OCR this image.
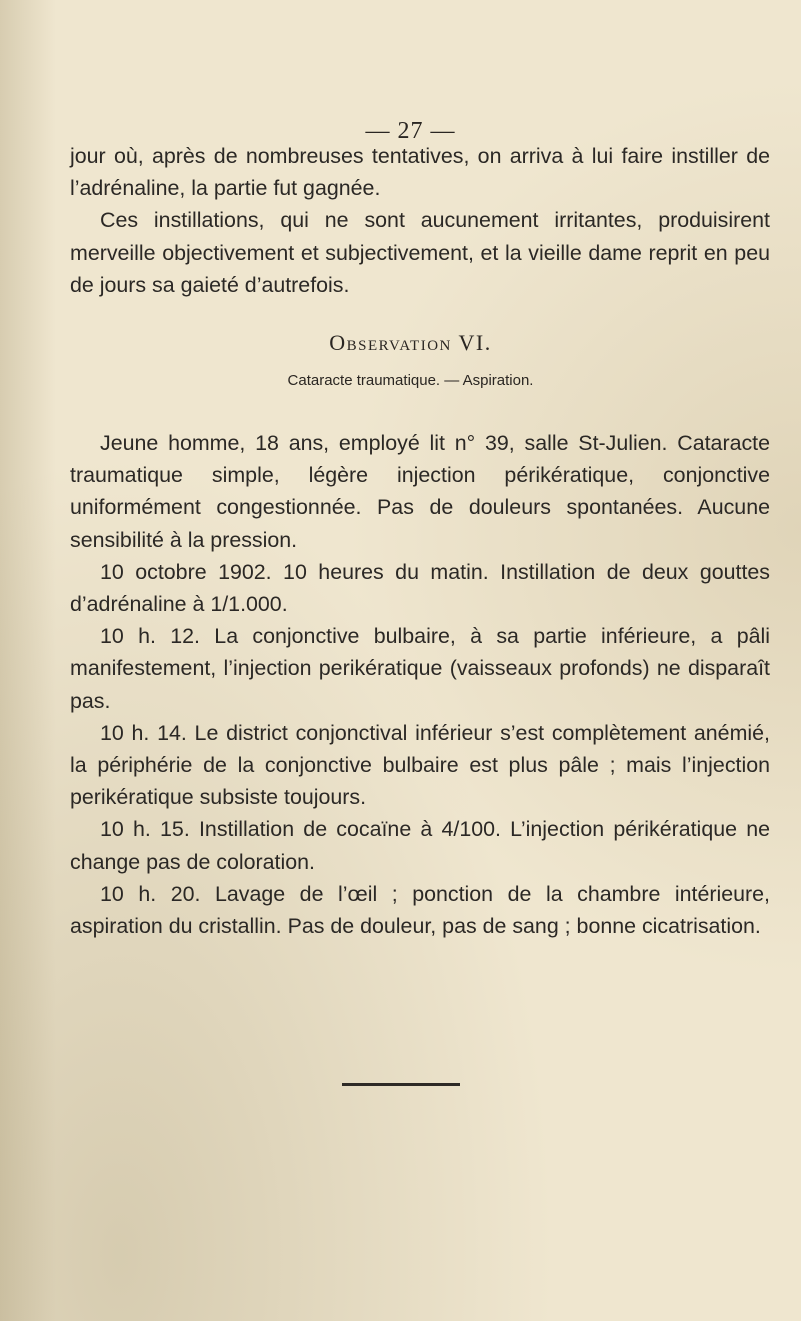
— 27 —

jour où, après de nombreuses tentatives, on arriva à lui faire instiller de l’adrénaline, la partie fut gagnée.

Ces instillations, qui ne sont aucunement irritantes, produisirent merveille objectivement et subjectivement, et la vieille dame reprit en peu de jours sa gaieté d’autrefois.

Observation VI.
Cataracte traumatique. — Aspiration.

Jeune homme, 18 ans, employé lit n° 39, salle St-Julien. Cataracte traumatique simple, légère injection périkératique, conjonctive uniformément congestionnée. Pas de douleurs spontanées. Aucune sensibilité à la pression.

10 octobre 1902. 10 heures du matin. Instillation de deux gouttes d’adrénaline à 1/1.000.

10 h. 12. La conjonctive bulbaire, à sa partie inférieure, a pâli manifestement, l’injection perikératique (vaisseaux profonds) ne disparaît pas.

10 h. 14. Le district conjonctival inférieur s’est complètement anémié, la périphérie de la conjonctive bulbaire est plus pâle ; mais l’injection perikératique subsiste toujours.

10 h. 15. Instillation de cocaïne à 4/100. L’injection périkératique ne change pas de coloration.

10 h. 20. Lavage de l’œil ; ponction de la chambre intérieure, aspiration du cristallin. Pas de douleur, pas de sang ; bonne cicatrisation.
